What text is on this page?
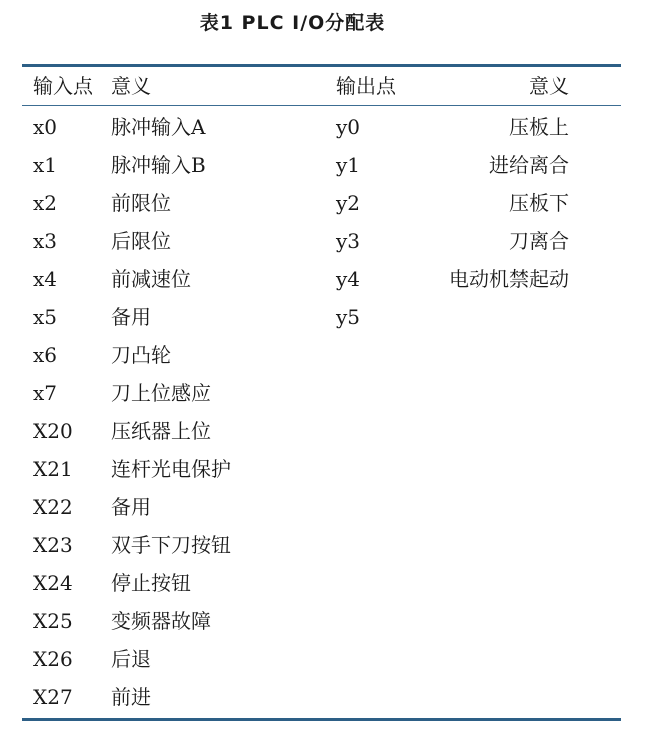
表1 PLC I/O分配表
输入点 意义	输出点	意义
x0	脉冲输入A	y0	压板上
x1	脉冲输入B	y1	进给离合
x2	前限位	y2	压板下
x3	后限位	y3	刀离合
x4	前减速位	y4	电动机禁起动
x5	备用	y5
x6	刀凸轮
x7	刀上位感应
X20 压纸器上位
X21 连杆光电保护
X22 备用
X23 双手下刀按钮
X24 停止按钮
X25 变频器故障
X26 后退
X27 前进
